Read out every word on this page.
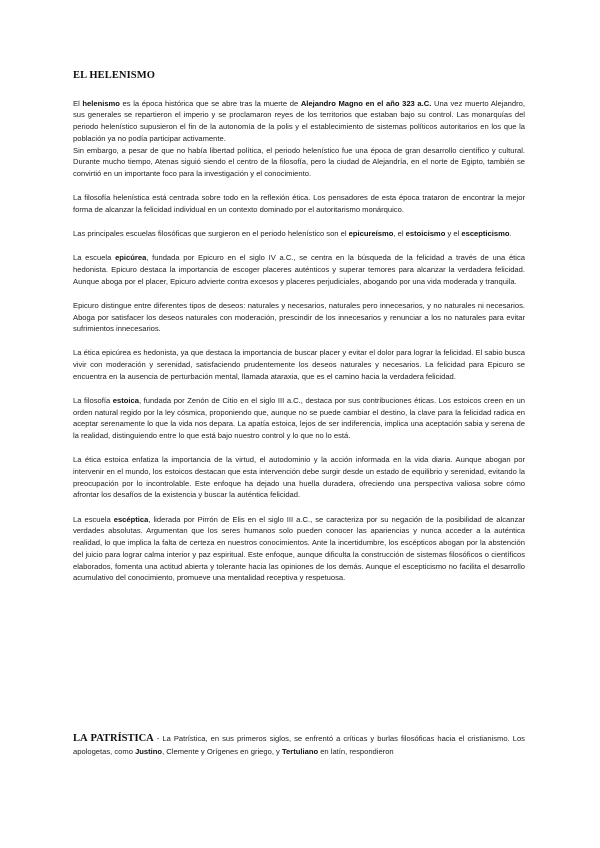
EL HELENISMO

El helenismo es la época histórica que se abre tras la muerte de Alejandro Magno en el año 323 a.C. Una vez muerto Alejandro, sus generales se repartieron el imperio y se proclamaron reyes de los territorios que estaban bajo su control. Las monarquías del periodo helenístico supusieron el fin de la autonomía de la polis y el establecimiento de sistemas políticos autoritarios en los que la población ya no podía participar activamente.

Sin embargo, a pesar de que no había libertad política, el periodo helenístico fue una época de gran desarrollo científico y cultural. Durante mucho tiempo, Atenas siguió siendo el centro de la filosofía, pero la ciudad de Alejandría, en el norte de Egipto, también se convirtió en un importante foco para la investigación y el conocimiento.

La filosofía helenística está centrada sobre todo en la reflexión ética. Los pensadores de esta época trataron de encontrar la mejor forma de alcanzar la felicidad individual en un contexto dominado por el autoritarismo monárquico.

Las principales escuelas filosóficas que surgieron en el periodo helenístico son el epicureísmo, el estoicismo y el escepticismo.

La escuela epicúrea, fundada por Epicuro en el siglo IV a.C., se centra en la búsqueda de la felicidad a través de una ética hedonista. Epicuro destaca la importancia de escoger placeres auténticos y superar temores para alcanzar la verdadera felicidad. Aunque aboga por el placer, Epicuro advierte contra excesos y placeres perjudiciales, abogando por una vida moderada y tranquila.

Epicuro distingue entre diferentes tipos de deseos: naturales y necesarios, naturales pero innecesarios, y no naturales ni necesarios. Aboga por satisfacer los deseos naturales con moderación, prescindir de los innecesarios y renunciar a los no naturales para evitar sufrimientos innecesarios.

La ética epicúrea es hedonista, ya que destaca la importancia de buscar placer y evitar el dolor para lograr la felicidad. El sabio busca vivir con moderación y serenidad, satisfaciendo prudentemente los deseos naturales y necesarios. La felicidad para Epicuro se encuentra en la ausencia de perturbación mental, llamada ataraxia, que es el camino hacia la verdadera felicidad.

La filosofía estoica, fundada por Zenón de Citio en el siglo III a.C., destaca por sus contribuciones éticas. Los estoicos creen en un orden natural regido por la ley cósmica, proponiendo que, aunque no se puede cambiar el destino, la clave para la felicidad radica en aceptar serenamente lo que la vida nos depara. La apatía estoica, lejos de ser indiferencia, implica una aceptación sabia y serena de la realidad, distinguiendo entre lo que está bajo nuestro control y lo que no lo está.

La ética estoica enfatiza la importancia de la virtud, el autodominio y la acción informada en la vida diaria. Aunque abogan por intervenir en el mundo, los estoicos destacan que esta intervención debe surgir desde un estado de equilibrio y serenidad, evitando la preocupación por lo incontrolable. Este enfoque ha dejado una huella duradera, ofreciendo una perspectiva valiosa sobre cómo afrontar los desafíos de la existencia y buscar la auténtica felicidad.

La escuela escéptica, liderada por Pirrón de Elis en el siglo III a.C., se caracteriza por su negación de la posibilidad de alcanzar verdades absolutas. Argumentan que los seres humanos solo pueden conocer las apariencias y nunca acceder a la auténtica realidad, lo que implica la falta de certeza en nuestros conocimientos. Ante la incertidumbre, los escépticos abogan por la abstención del juicio para lograr calma interior y paz espiritual. Este enfoque, aunque dificulta la construcción de sistemas filosóficos o científicos elaborados, fomenta una actitud abierta y tolerante hacia las opiniones de los demás. Aunque el escepticismo no facilita el desarrollo acumulativo del conocimiento, promueve una mentalidad receptiva y respetuosa.

LA PATRÍSTICA - La Patrística, en sus primeros siglos, se enfrentó a críticas y burlas filosóficas hacia el cristianismo. Los apologetas, como Justino, Clemente y Orígenes en griego, y Tertuliano en latín, respondieron
